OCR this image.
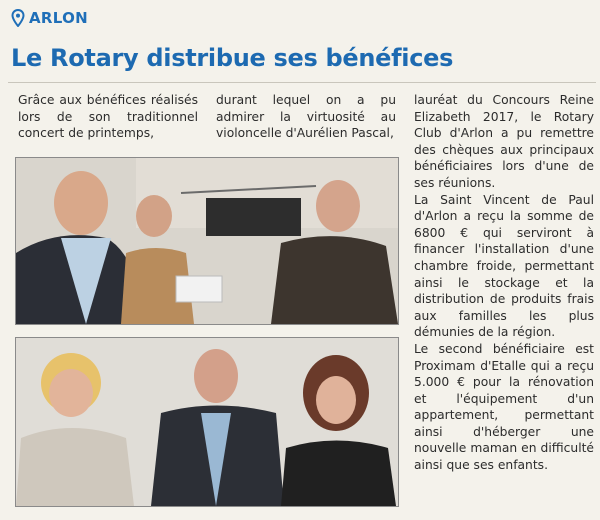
ARLON
Le Rotary distribue ses bénéfices

Grâce aux bénéfices réalisés lors de son traditionnel concert de printemps,

durant lequel on a pu admirer la virtuosité au violoncelle d'Aurélien Pascal,

lauréat du Concours Reine Elizabeth 2017, le Rotary Club d'Arlon a pu remettre des chèques aux principaux bénéficiaires lors d'une de ses réunions.

La Saint Vincent de Paul d'Arlon a reçu la somme de 6800 € qui serviront à financer l'installation d'une chambre froide, permettant ainsi le stockage et la distribution de produits frais aux familles les plus démunies de la région.

Le second bénéficiaire est Proximam d'Etalle qui a reçu 5.000 € pour la rénovation et l'équipement d'un appartement, permettant ainsi d'héberger une nouvelle maman en difficulté ainsi que ses enfants.
